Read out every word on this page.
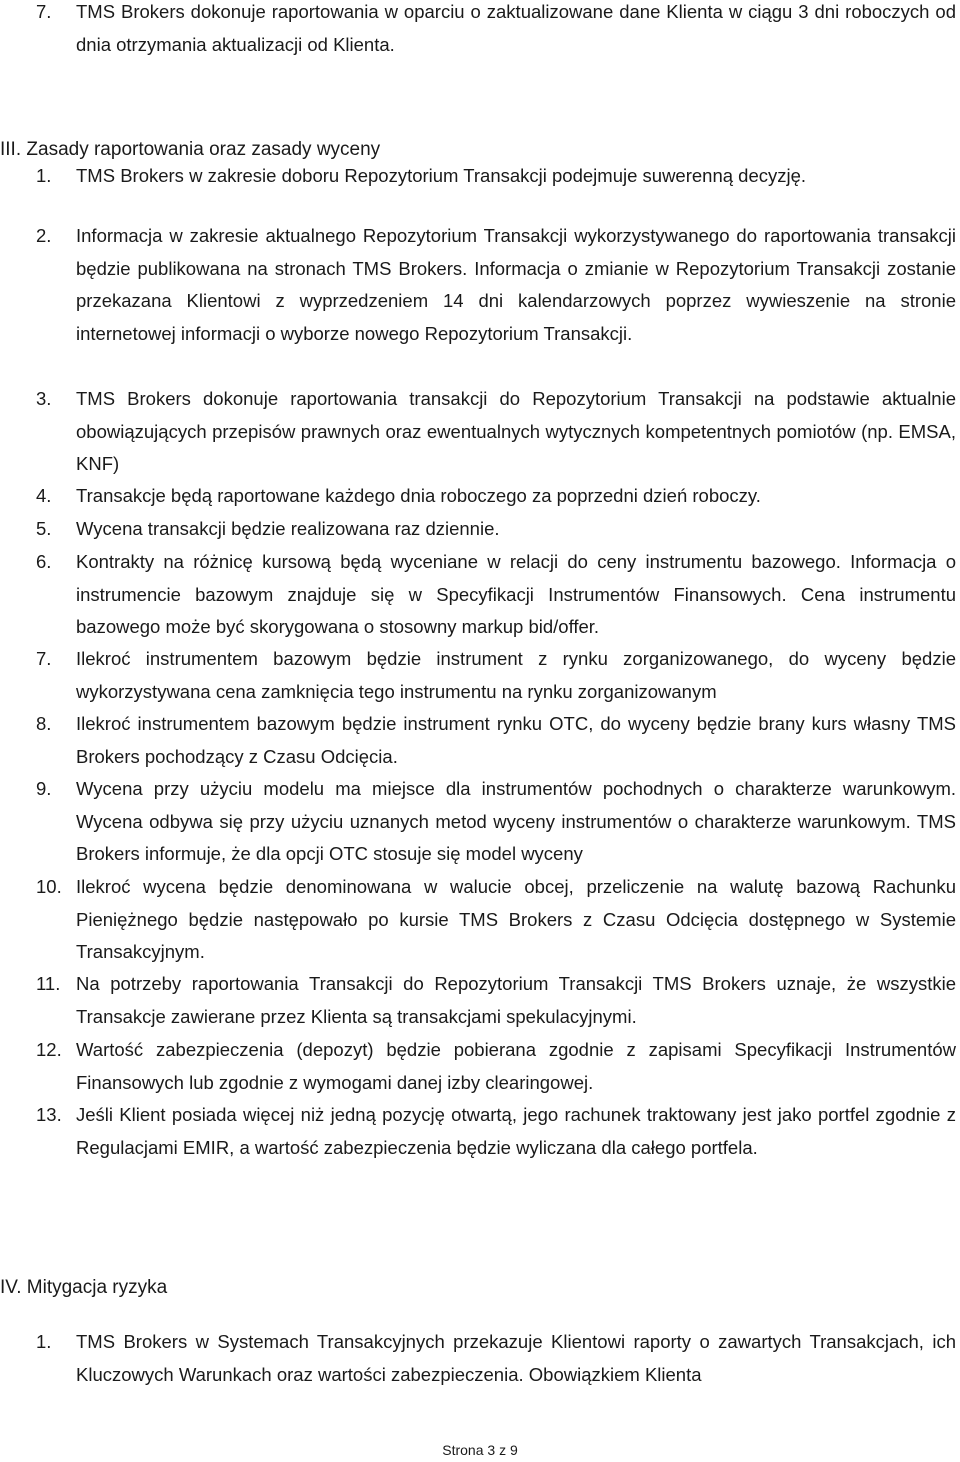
7.	TMS Brokers dokonuje raportowania w oparciu o zaktualizowane dane Klienta w ciągu 3 dni roboczych od dnia otrzymania aktualizacji od Klienta.
III. Zasady raportowania oraz zasady wyceny
1.	TMS Brokers w zakresie doboru Repozytorium Transakcji podejmuje suwerenną decyzję.
2.	Informacja w zakresie aktualnego Repozytorium Transakcji wykorzystywanego do raportowania transakcji będzie publikowana na stronach TMS Brokers. Informacja o zmianie w Repozytorium Transakcji zostanie przekazana Klientowi z wyprzedzeniem 14 dni kalendarzowych poprzez wywieszenie na stronie internetowej informacji o wyborze nowego Repozytorium Transakcji.
3.	TMS Brokers dokonuje raportowania transakcji do Repozytorium Transakcji na podstawie aktualnie obowiązujących przepisów prawnych oraz ewentualnych wytycznych kompetentnych pomiotów (np. EMSA, KNF)
4.	Transakcje będą raportowane każdego dnia roboczego za poprzedni dzień roboczy.
5.	Wycena transakcji będzie realizowana raz dziennie.
6.	Kontrakty na różnicę kursową będą wyceniane w relacji do ceny instrumentu bazowego. Informacja o instrumencie bazowym znajduje się w Specyfikacji Instrumentów Finansowych. Cena instrumentu bazowego może być skorygowana o stosowny markup bid/offer.
7.	Ilekroć instrumentem bazowym będzie instrument z rynku zorganizowanego, do wyceny będzie wykorzystywana cena zamknięcia tego instrumentu na rynku zorganizowanym
8.	Ilekroć instrumentem bazowym będzie instrument rynku OTC, do wyceny będzie brany kurs własny TMS Brokers pochodzący z Czasu Odcięcia.
9.	Wycena przy użyciu modelu ma miejsce dla instrumentów pochodnych o charakterze warunkowym. Wycena odbywa się przy użyciu uznanych metod wyceny instrumentów o charakterze warunkowym. TMS Brokers informuje, że dla opcji OTC stosuje się model wyceny
10. Ilekroć wycena będzie denominowana w walucie obcej, przeliczenie na walutę bazową Rachunku Pieniężnego będzie następowało po kursie TMS Brokers z Czasu Odcięcia dostępnego w Systemie Transakcyjnym.
11. Na potrzeby raportowania Transakcji do Repozytorium Transakcji TMS Brokers uznaje, że wszystkie Transakcje zawierane przez Klienta są transakcjami spekulacyjnymi.
12. Wartość zabezpieczenia (depozyt) będzie pobierana zgodnie z zapisami Specyfikacji Instrumentów Finansowych lub zgodnie z wymogami danej izby clearingowej.
13. Jeśli Klient posiada więcej niż jedną pozycję otwartą, jego rachunek traktowany jest jako portfel zgodnie z Regulacjami EMIR, a wartość zabezpieczenia będzie wyliczana dla całego portfela.
IV. Mitygacja ryzyka
1.	TMS Brokers w Systemach Transakcyjnych przekazuje Klientowi raporty o zawartych Transakcjach, ich Kluczowych Warunkach oraz wartości zabezpieczenia. Obowiązkiem Klienta
Strona 3 z 9
